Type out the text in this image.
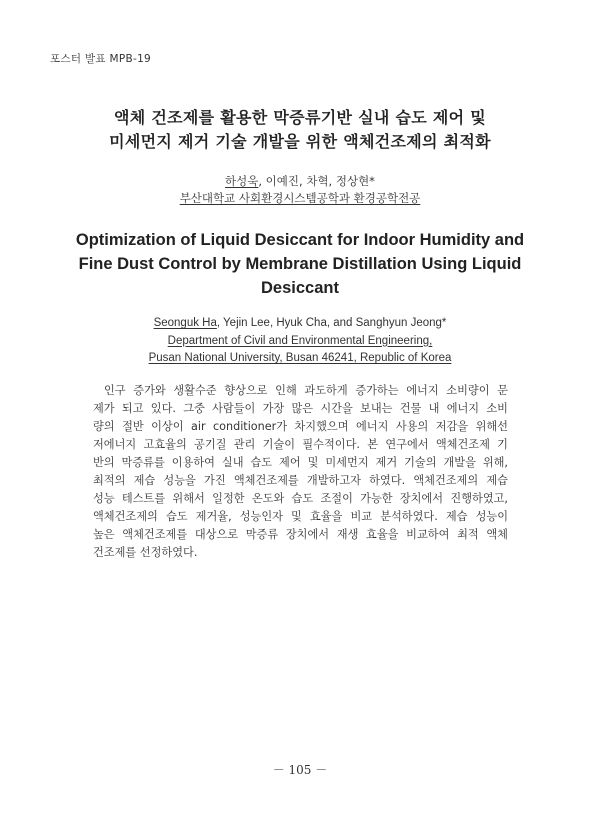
포스터 발표 MPB-19
액체 건조제를 활용한 막증류기반 실내 습도 제어 및
미세먼지 제거 기술 개발을 위한 액체건조제의 최적화
하성욱, 이예진, 차혁, 정상현*
부산대학교 사회환경시스템공학과 환경공학전공
Optimization of Liquid Desiccant for Indoor Humidity and
Fine Dust Control by Membrane Distillation Using Liquid
Desiccant
Seonguk Ha, Yejin Lee, Hyuk Cha, and Sanghyun Jeong*
Department of Civil and Environmental Engineering,
Pusan National University, Busan 46241, Republic of Korea
인구 증가와 생활수준 향상으로 인해 과도하게 증가하는 에너지 소비량이 문
제가 되고 있다. 그중 사람들이 가장 많은 시간을 보내는 건물 내 에너지 소비
량의 절반 이상이 air conditioner가 차지했으며 에너지 사용의 저감을 위해선
저에너지 고효율의 공기질 관리 기술이 필수적이다. 본 연구에서 액체건조제 기
반의 막증류를 이용하여 실내 습도 제어 및 미세먼지 제거 기술의 개발을 위해,
최적의 제습 성능을 가진 액체건조제를 개발하고자 하였다. 액체건조제의 제습
성능 테스트를 위해서 일정한 온도와 습도 조절이 가능한 장치에서 진행하였고,
액체건조제의 습도 제거율, 성능인자 및 효율을 비교 분석하였다. 제습 성능이
높은 액체건조제를 대상으로 막증류 장치에서 재생 효율을 비교하여 최적 액체
건조제를 선정하였다.
－ 105 －
